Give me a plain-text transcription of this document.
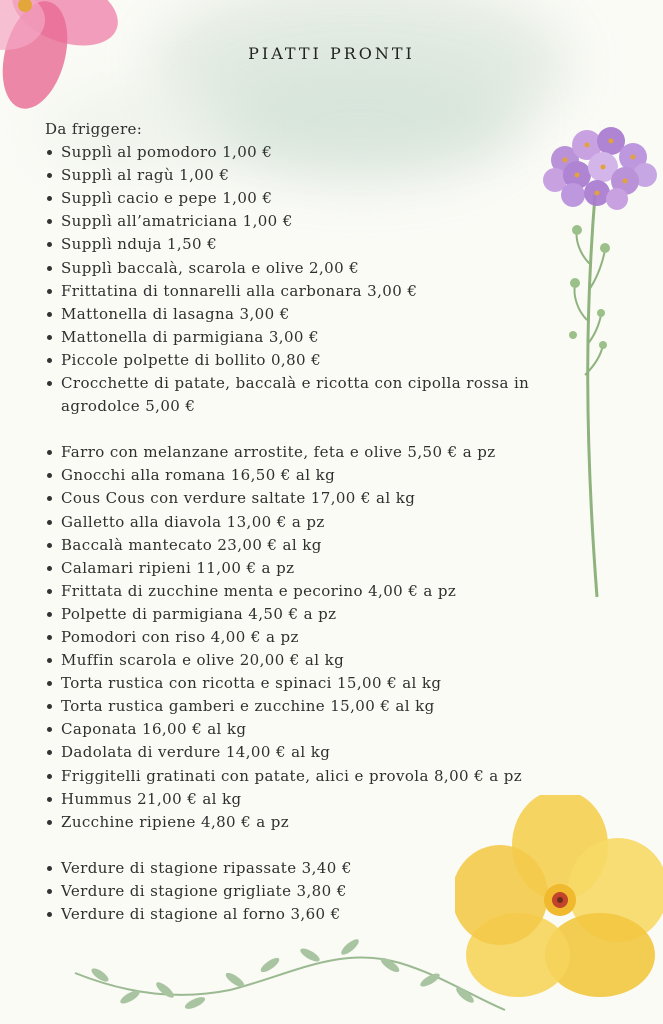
PIATTI PRONTI

Da friggere:

Supplì al pomodoro 1,00 €
Supplì al ragù 1,00 €
Supplì cacio e pepe 1,00 €
Supplì all’amatriciana 1,00 €
Supplì nduja 1,50 €
Supplì baccalà, scarola e olive 2,00 €
Frittatina di tonnarelli alla carbonara 3,00 €
Mattonella di lasagna 3,00 €
Mattonella di parmigiana 3,00 €
Piccole polpette di bollito 0,80 €
Crocchette di patate, baccalà e ricotta con cipolla rossa in agrodolce 5,00 €
Farro con melanzane arrostite, feta e olive 5,50 € a pz
Gnocchi alla romana 16,50 € al kg
Cous Cous con verdure saltate 17,00 € al kg
Galletto alla diavola 13,00 € a pz
Baccalà mantecato 23,00 € al kg
Calamari ripieni 11,00 € a pz
Frittata di zucchine menta e pecorino 4,00 € a pz
Polpette di parmigiana 4,50 € a pz
Pomodori con riso 4,00 € a pz
Muffin scarola e olive 20,00 € al kg
Torta rustica con ricotta e spinaci 15,00 € al kg
Torta rustica gamberi e zucchine 15,00 € al kg
Caponata 16,00 € al kg
Dadolata di verdure 14,00 € al kg
Friggitelli gratinati con patate, alici e provola 8,00 € a pz
Hummus 21,00 € al kg
Zucchine ripiene 4,80 € a pz
Verdure di stagione ripassate 3,40 €
Verdure di stagione grigliate 3,80 €
Verdure di stagione al forno 3,60 €
